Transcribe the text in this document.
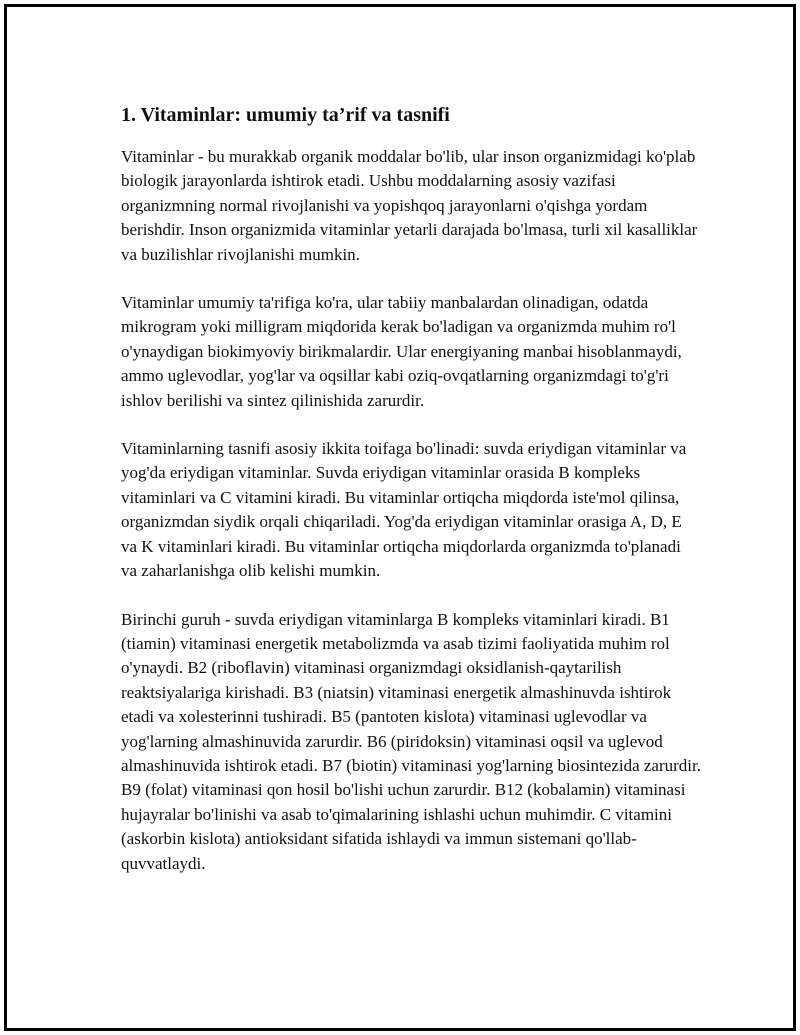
1. Vitaminlar: umumiy ta’rif va tasnifi

Vitaminlar - bu murakkab organik moddalar bo'lib, ular inson organizmidagi ko'plab biologik jarayonlarda ishtirok etadi. Ushbu moddalarning asosiy vazifasi organizmning normal rivojlanishi va yopishqoq jarayonlarni o'qishga yordam berishdir. Inson organizmida vitaminlar yetarli darajada bo'lmasa, turli xil kasalliklar va buzilishlar rivojlanishi mumkin.

Vitaminlar umumiy ta'rifiga ko'ra, ular tabiiy manbalardan olinadigan, odatda mikrogram yoki milligram miqdorida kerak bo'ladigan va organizmda muhim ro'l o'ynaydigan biokimyoviy birikmalardir. Ular energiyaning manbai hisoblanmaydi, ammo uglevodlar, yog'lar va oqsillar kabi oziq-ovqatlarning organizmdagi to'g'ri ishlov berilishi va sintez qilinishida zarurdir.

Vitaminlarning tasnifi asosiy ikkita toifaga bo'linadi: suvda eriydigan vitaminlar va yog'da eriydigan vitaminlar. Suvda eriydigan vitaminlar orasida B kompleks vitaminlari va C vitamini kiradi. Bu vitaminlar ortiqcha miqdorda iste'mol qilinsa, organizmdan siydik orqali chiqariladi. Yog'da eriydigan vitaminlar orasiga A, D, E va K vitaminlari kiradi. Bu vitaminlar ortiqcha miqdorlarda organizmda to'planadi va zaharlanishga olib kelishi mumkin.

Birinchi guruh - suvda eriydigan vitaminlarga B kompleks vitaminlari kiradi. B1 (tiamin) vitaminasi energetik metabolizmda va asab tizimi faoliyatida muhim rol o'ynaydi. B2 (riboflavin) vitaminasi organizmdagi oksidlanish-qaytarilish reaktsiyalariga kirishadi. B3 (niatsin) vitaminasi energetik almashinuvda ishtirok etadi va xolesterinni tushiradi. B5 (pantoten kislota) vitaminasi uglevodlar va yog'larning almashinuvida zarurdir. B6 (piridoksin) vitaminasi oqsil va uglevod almashinuvida ishtirok etadi. B7 (biotin) vitaminasi yog'larning biosintezida zarurdir. B9 (folat) vitaminasi qon hosil bo'lishi uchun zarurdir. B12 (kobalamin) vitaminasi hujayralar bo'linishi va asab to'qimalarining ishlashi uchun muhimdir. C vitamini (askorbin kislota) antioksidant sifatida ishlaydi va immun sistemani qo'llab-quvvatlaydi.
